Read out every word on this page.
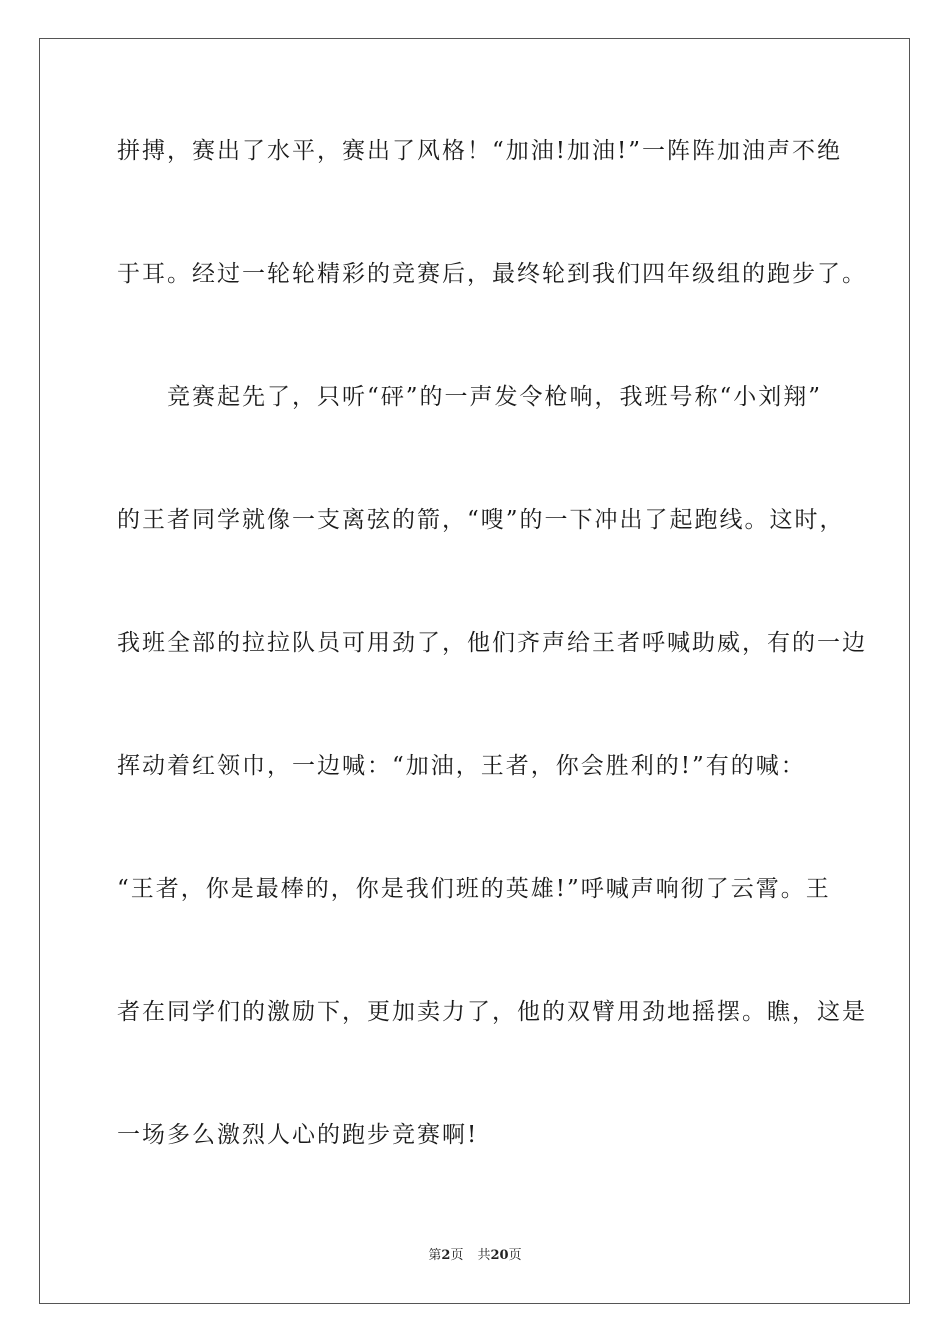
拼搏，赛出了水平，赛出了风格！“加油!加油!”一阵阵加油声不绝
于耳。经过一轮轮精彩的竞赛后，最终轮到我们四年级组的跑步了。
　　竞赛起先了，只听“砰”的一声发令枪响，我班号称“小刘翔”
的王者同学就像一支离弦的箭，“嗖”的一下冲出了起跑线。这时，
我班全部的拉拉队员可用劲了，他们齐声给王者呼喊助威，有的一边
挥动着红领巾，一边喊：“加油，王者，你会胜利的!”有的喊：
“王者，你是最棒的，你是我们班的英雄!”呼喊声响彻了云霄。王
者在同学们的激励下，更加卖力了，他的双臂用劲地摇摆。瞧，这是
一场多么激烈人心的跑步竞赛啊!
第2页 共20页
